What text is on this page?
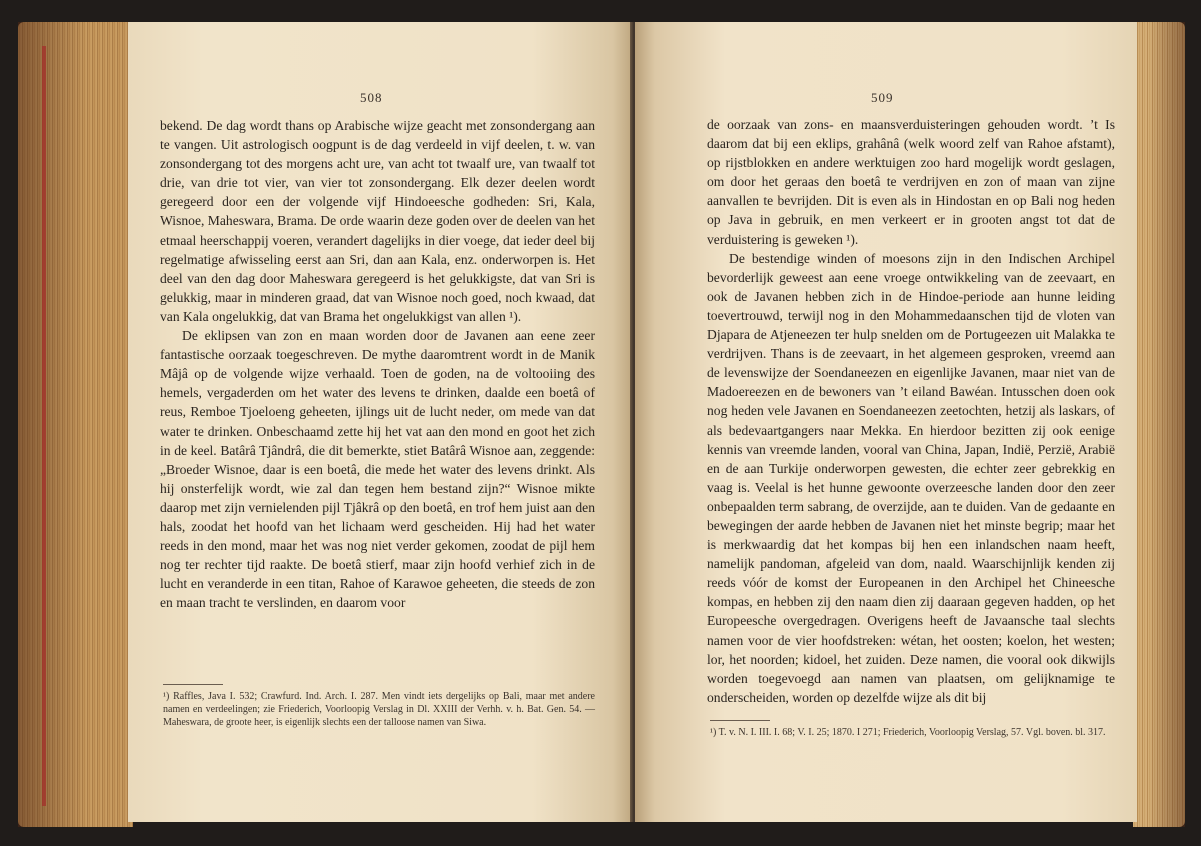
508

bekend. De dag wordt thans op Arabische wijze geacht met zonsondergang aan te vangen. Uit astrologisch oogpunt is de dag verdeeld in vijf deelen, t. w. van zonsondergang tot des morgens acht ure, van acht tot twaalf ure, van twaalf tot drie, van drie tot vier, van vier tot zonsondergang. Elk dezer deelen wordt geregeerd door een der volgende vijf Hindoeesche godheden: Sri, Kala, Wisnoe, Maheswara, Brama. De orde waarin deze goden over de deelen van het etmaal heerschappij voeren, verandert dagelijks in dier voege, dat ieder deel bij regelmatige afwisseling eerst aan Sri, dan aan Kala, enz. onderworpen is. Het deel van den dag door Maheswara geregeerd is het gelukkigste, dat van Sri is gelukkig, maar in minderen graad, dat van Wisnoe noch goed, noch kwaad, dat van Kala ongelukkig, dat van Brama het ongelukkigst van allen ¹).

De eklipsen van zon en maan worden door de Javanen aan eene zeer fantastische oorzaak toegeschreven. De mythe daaromtrent wordt in de Manik Mâjâ op de volgende wijze verhaald. Toen de goden, na de voltooiing des hemels, vergaderden om het water des levens te drinken, daalde een boetâ of reus, Remboe Tjoeloeng geheeten, ijlings uit de lucht neder, om mede van dat water te drinken. Onbeschaamd zette hij het vat aan den mond en goot het zich in de keel. Batârâ Tjândrâ, die dit bemerkte, stiet Batârâ Wisnoe aan, zeggende: „Broeder Wisnoe, daar is een boetâ, die mede het water des levens drinkt. Als hij onsterfelijk wordt, wie zal dan tegen hem bestand zijn?“ Wisnoe mikte daarop met zijn vernielenden pijl Tjâkrâ op den boetâ, en trof hem juist aan den hals, zoodat het hoofd van het lichaam werd gescheiden. Hij had het water reeds in den mond, maar het was nog niet verder gekomen, zoodat de pijl hem nog ter rechter tijd raakte. De boetâ stierf, maar zijn hoofd verhief zich in de lucht en veranderde in een titan, Rahoe of Karawoe geheeten, die steeds de zon en maan tracht te verslinden, en daarom voor

¹) Raffles, Java I. 532; Crawfurd. Ind. Arch. I. 287. Men vindt iets dergelijks op Bali, maar met andere namen en verdeelingen; zie Friederich, Voorloopig Verslag in Dl. XXIII der Verhh. v. h. Bat. Gen. 54. — Maheswara, de groote heer, is eigenlijk slechts een der talloose namen van Siwa.
509

de oorzaak van zons- en maansverduisteringen gehouden wordt. ’t Is daarom dat bij een eklips, grahânâ (welk woord zelf van Rahoe afstamt), op rijstblokken en andere werktuigen zoo hard mogelijk wordt geslagen, om door het geraas den boetâ te verdrijven en zon of maan van zijne aanvallen te bevrijden. Dit is even als in Hindostan en op Bali nog heden op Java in gebruik, en men verkeert er in grooten angst tot dat de verduistering is geweken ¹).

De bestendige winden of moesons zijn in den Indischen Archipel bevorderlijk geweest aan eene vroege ontwikkeling van de zeevaart, en ook de Javanen hebben zich in de Hindoe-periode aan hunne leiding toevertrouwd, terwijl nog in den Mohammedaanschen tijd de vloten van Djapara de Atjeneezen ter hulp snelden om de Portugeezen uit Malakka te verdrijven. Thans is de zeevaart, in het algemeen gesproken, vreemd aan de levenswijze der Soendaneezen en eigenlijke Javanen, maar niet van de Madoereezen en de bewoners van ’t eiland Bawéan. Intusschen doen ook nog heden vele Javanen en Soendaneezen zeetochten, hetzij als laskars, of als bedevaartgangers naar Mekka. En hierdoor bezitten zij ook eenige kennis van vreemde landen, vooral van China, Japan, Indië, Perzië, Arabië en de aan Turkije onderworpen gewesten, die echter zeer gebrekkig en vaag is. Veelal is het hunne gewoonte overzeesche landen door den zeer onbepaalden term sabrang, de overzijde, aan te duiden. Van de gedaante en bewegingen der aarde hebben de Javanen niet het minste begrip; maar het is merkwaardig dat het kompas bij hen een inlandschen naam heeft, namelijk pandoman, afgeleid van dom, naald. Waarschijnlijk kenden zij reeds vóór de komst der Europeanen in den Archipel het Chineesche kompas, en hebben zij den naam dien zij daaraan gegeven hadden, op het Europeesche overgedragen. Overigens heeft de Javaansche taal slechts namen voor de vier hoofdstreken: wétan, het oosten; koelon, het westen; lor, het noorden; kidoel, het zuiden. Deze namen, die vooral ook dikwijls worden toegevoegd aan namen van plaatsen, om gelijknamige te onderscheiden, worden op dezelfde wijze als dit bij

¹) T. v. N. I. III. I. 68; V. I. 25; 1870. I 271; Friederich, Voorloopig Verslag, 57. Vgl. boven. bl. 317.
